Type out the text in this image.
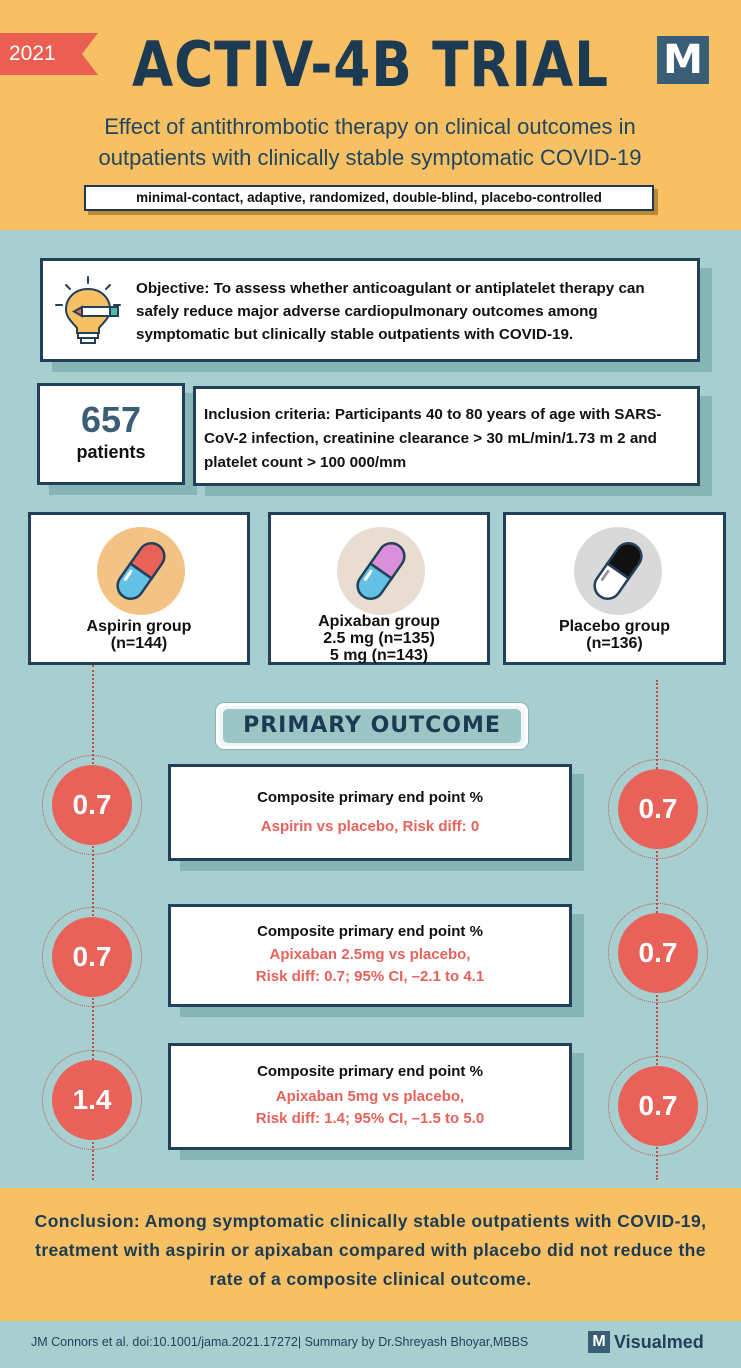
2021	ACTIV-4B TRIAL	M
Effect of antithrombotic therapy on clinical outcomes in
outpatients with clinically stable symptomatic COVID-19
minimal-contact, adaptive, randomized, double-blind, placebo-controlled
Objective: To assess whether anticoagulant or antiplatelet therapy can safely reduce major adverse cardiopulmonary outcomes among symptomatic but clinically stable outpatients with COVID-19.
657
patients
Inclusion criteria: Participants 40 to 80 years of age with SARS-CoV-2 infection, creatinine clearance > 30 mL/min/1.73 m 2 and platelet count > 100 000/mm
Aspirin group
(n=144)
Apixaban group
2.5 mg (n=135)
5 mg (n=143)
Placebo group
(n=136)
PRIMARY OUTCOME
0.7	Composite primary end point %
Aspirin vs placebo, Risk diff: 0
0.7
0.7
Composite primary end point %
Apixaban 2.5mg vs placebo,
Risk diff: 0.7; 95% CI, –2.1 to 4.1
0.7
1.4
Composite primary end point %
Apixaban 5mg vs placebo,
Risk diff: 1.4; 95% CI, –1.5 to 5.0	0.7
Conclusion: Among symptomatic clinically stable outpatients with COVID-19, treatment with aspirin or apixaban compared with placebo did not reduce the rate of a composite clinical outcome.
JM Connors et al. doi:10.1001/jama.2021.17272| Summary by Dr.Shreyash Bhoyar,MBBS	M Visualmed
